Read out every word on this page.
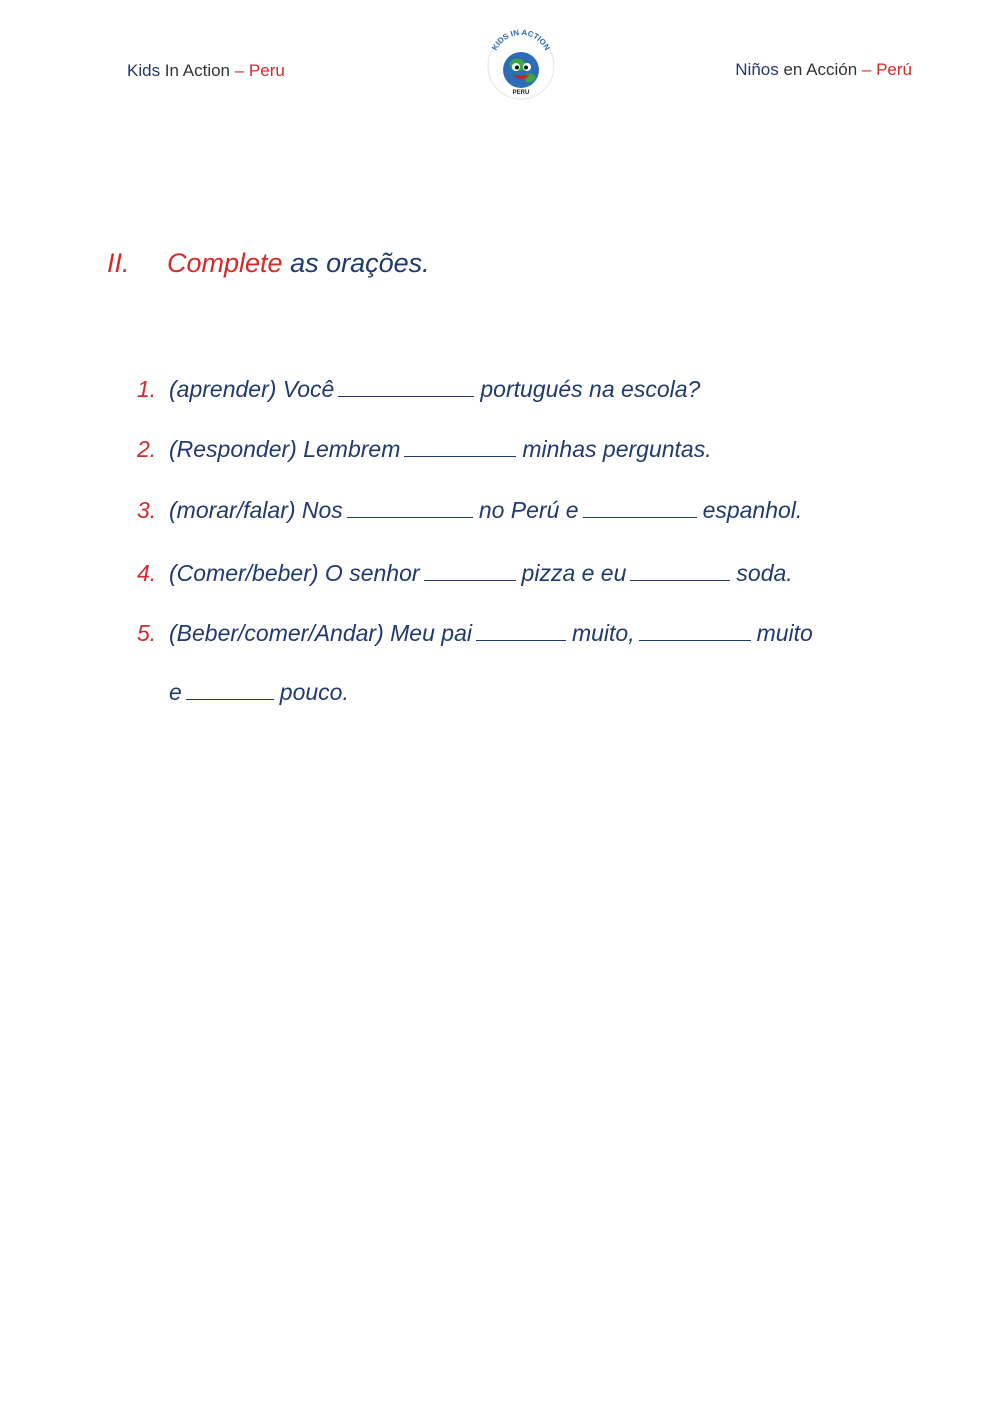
Kids In Action – Peru
KIDS IN ACTION
PERU
Niños en Acción – Perú
II. Complete as orações.
1. (aprender) Você	portugués na escola?
2. (Responder) Lembrem	minhas perguntas.
3. (morar/falar) Nos	no Perú e	espanhol.
4. (Comer/beber) O senhor	pizza e eu	soda.
5. (Beber/comer/Andar) Meu pai	muito,	muito
e	pouco.
